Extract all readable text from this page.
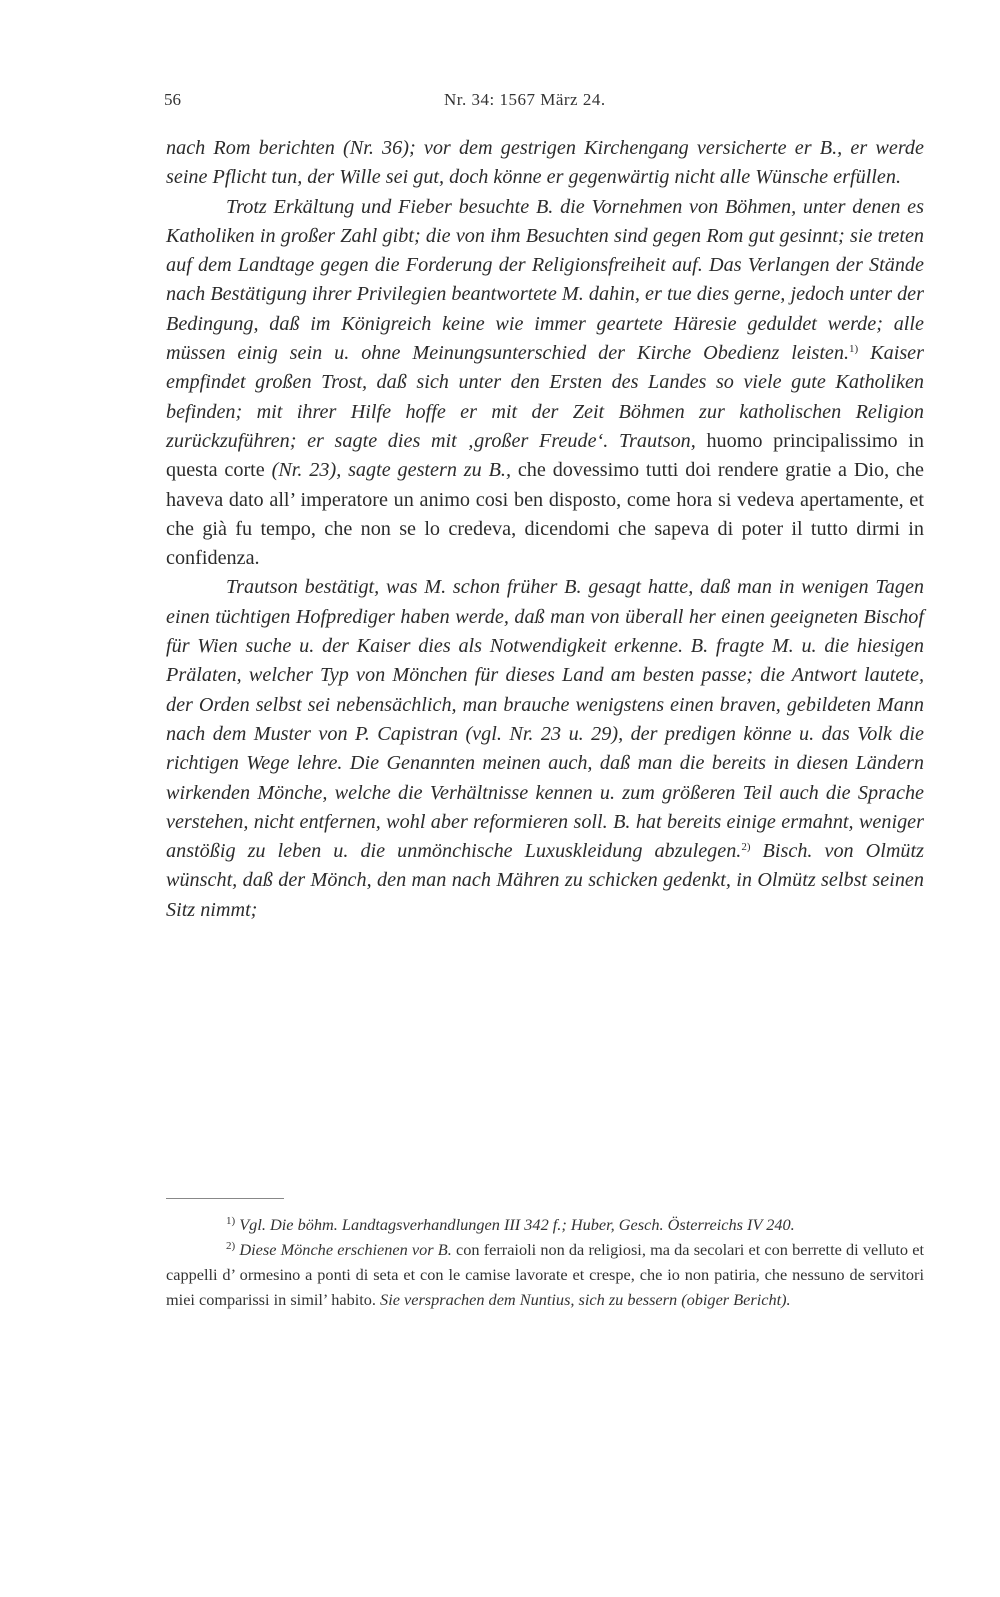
56	Nr. 34: 1567 März 24.

nach Rom berichten (Nr. 36); vor dem gestrigen Kirchengang versicherte er B., er werde seine Pflicht tun, der Wille sei gut, doch könne er gegenwärtig nicht alle Wünsche erfüllen.

Trotz Erkältung und Fieber besuchte B. die Vornehmen von Böhmen, unter denen es Katholiken in großer Zahl gibt; die von ihm Besuchten sind gegen Rom gut gesinnt; sie treten auf dem Landtage gegen die Forderung der Religionsfreiheit auf. Das Verlangen der Stände nach Bestätigung ihrer Privilegien beantwortete M. dahin, er tue dies gerne, jedoch unter der Bedingung, daß im Königreich keine wie immer geartete Häresie geduldet werde; alle müssen einig sein u. ohne Meinungsunterschied der Kirche Obedienz leisten.$^{1)}$ Kaiser empfindet großen Trost, daß sich unter den Ersten des Landes so viele gute Katholiken befinden; mit ihrer Hilfe hoffe er mit der Zeit Böhmen zur katholischen Religion zurückzuführen; er sagte dies mit ‚großer Freude‘. Trautson, huomo principalissimo in questa corte (Nr. 23), sagte gestern zu B., che dovessimo tutti doi rendere gratie a Dio, che haveva dato all’ imperatore un animo cosi ben disposto, come hora si vedeva apertamente, et che già fu tempo, che non se lo credeva, dicendomi che sapeva di poter il tutto dirmi in confidenza.

Trautson bestätigt, was M. schon früher B. gesagt hatte, daß man in wenigen Tagen einen tüchtigen Hofprediger haben werde, daß man von überall her einen geeigneten Bischof für Wien suche u. der Kaiser dies als Notwendigkeit erkenne. B. fragte M. u. die hiesigen Prälaten, welcher Typ von Mönchen für dieses Land am besten passe; die Antwort lautete, der Orden selbst sei nebensächlich, man brauche wenigstens einen braven, gebildeten Mann nach dem Muster von P. Capistran (vgl. Nr. 23 u. 29), der predigen könne u. das Volk die richtigen Wege lehre. Die Genannten meinen auch, daß man die bereits in diesen Ländern wirkenden Mönche, welche die Verhältnisse kennen u. zum größeren Teil auch die Sprache verstehen, nicht entfernen, wohl aber reformieren soll. B. hat bereits einige ermahnt, weniger anstößig zu leben u. die unmönchische Luxuskleidung abzulegen.$^{2)}$ Bisch. von Olmütz wünscht, daß der Mönch, den man nach Mähren zu schicken gedenkt, in Olmütz selbst seinen Sitz nimmt;

$^{1)}$ Vgl. Die böhm. Landtagsverhandlungen III 342 f.; Huber, Gesch. Österreichs IV 240.

$^{2)}$ Diese Mönche erschienen vor B. con ferraioli non da religiosi, ma da secolari et con berrette di velluto et cappelli d’ ormesino a ponti di seta et con le camise lavorate et crespe, che io non patiria, che nessuno de servitori miei comparissi in simil’ habito. Sie versprachen dem Nuntius, sich zu bessern (obiger Bericht).
